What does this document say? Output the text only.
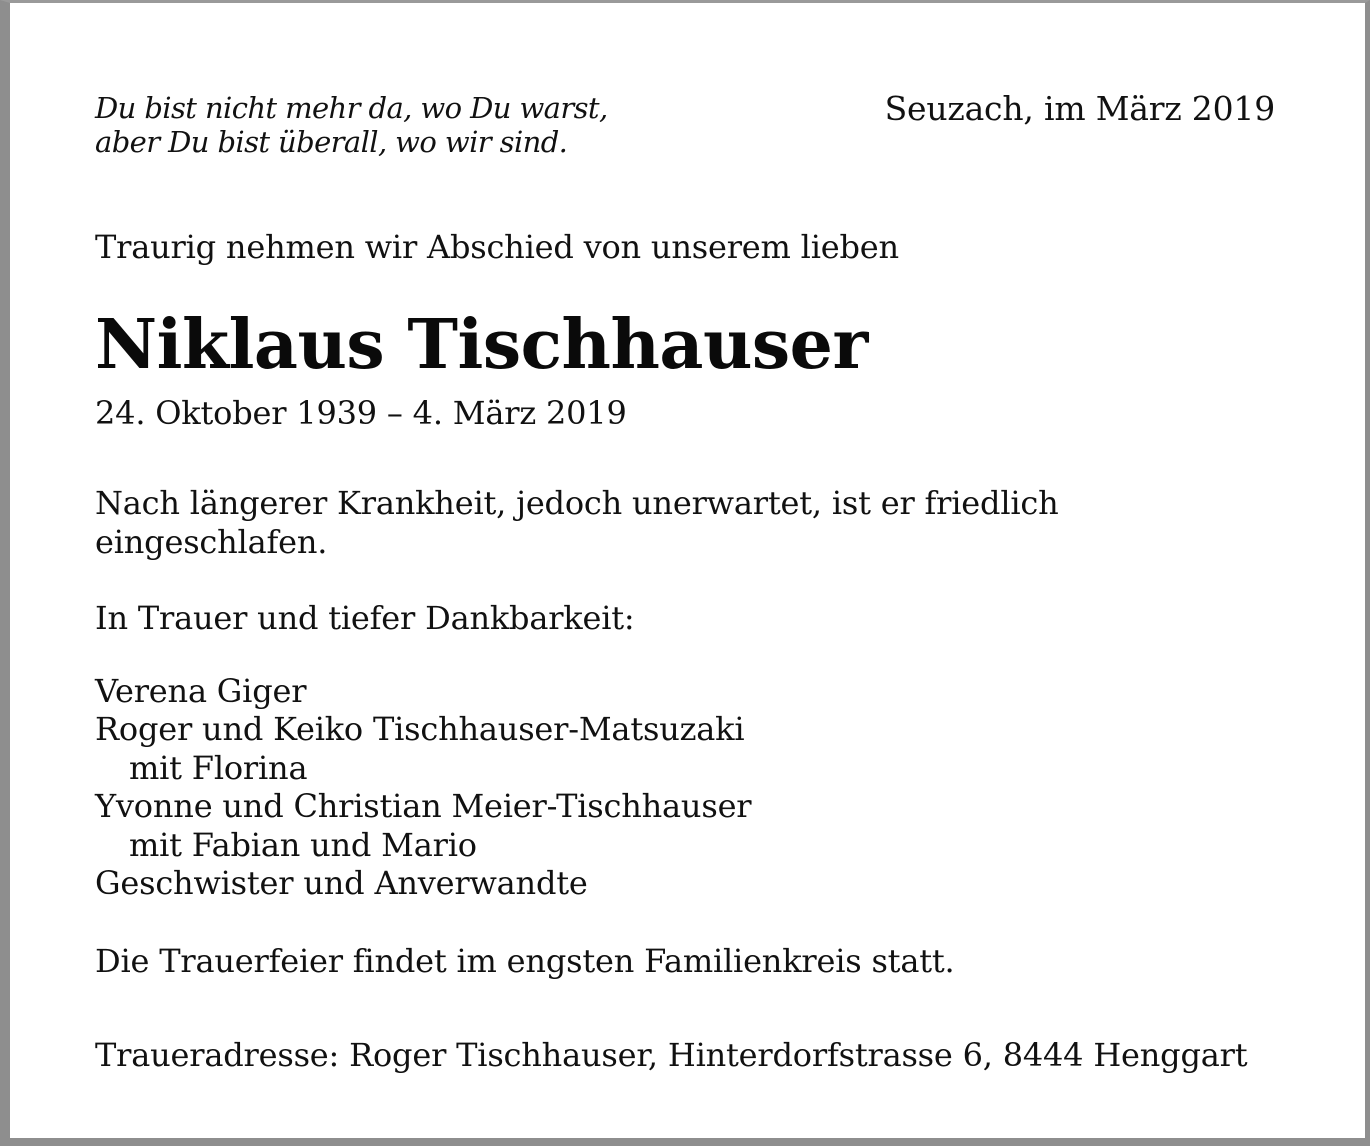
Du bist nicht mehr da, wo Du warst,
aber Du bist überall, wo wir sind.
Seuzach, im März 2019
Traurig nehmen wir Abschied von unserem lieben
Niklaus Tischhauser
24. Oktober 1939 – 4. März 2019
Nach längerer Krankheit, jedoch unerwartet, ist er friedlich
eingeschlafen.
In Trauer und tiefer Dankbarkeit:
Verena Giger
Roger und Keiko Tischhauser-Matsuzaki
mit Florina
Yvonne und Christian Meier-Tischhauser
mit Fabian und Mario
Geschwister und Anverwandte
Die Trauerfeier findet im engsten Familienkreis statt.
Traueradresse: Roger Tischhauser, Hinterdorfstrasse 6, 8444 Henggart
